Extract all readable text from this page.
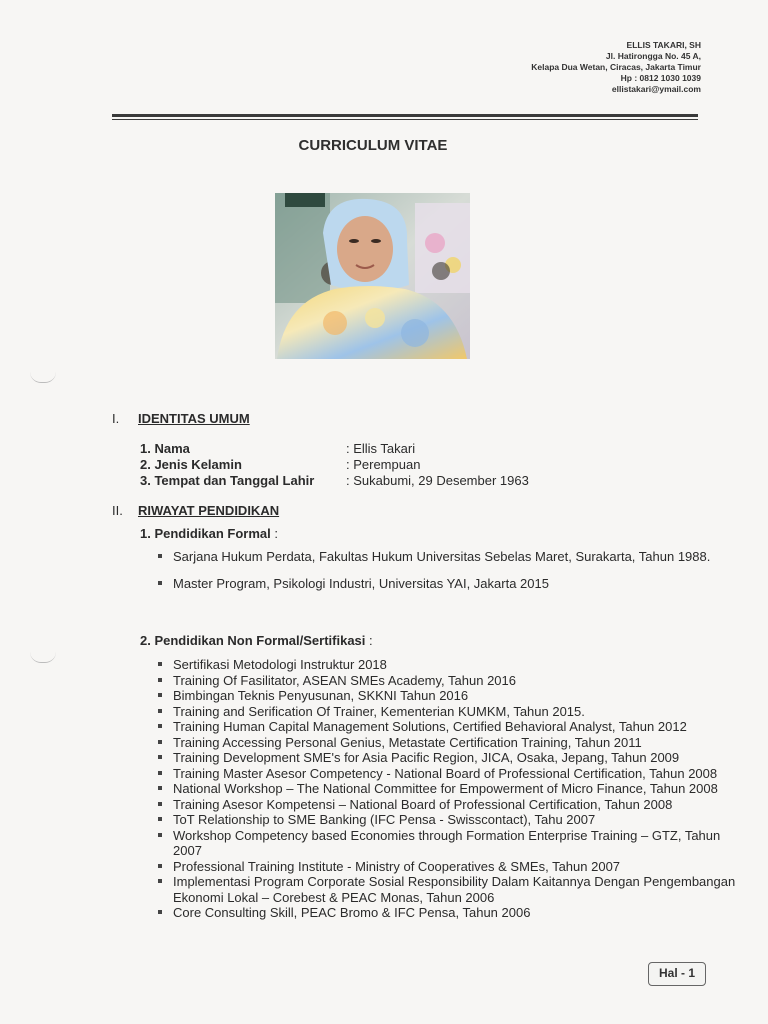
ELLIS TAKARI, SH
Jl. Hatirongga No. 45 A,
Kelapa Dua Wetan, Ciracas, Jakarta Timur
Hp : 0812 1030 1039
ellistakari@ymail.com
CURRICULUM VITAE
I. IDENTITAS UMUM
1. Nama	: Ellis Takari
2. Jenis Kelamin	: Perempuan
3. Tempat dan Tanggal Lahir : Sukabumi, 29 Desember 1963
II. RIWAYAT PENDIDIKAN
1. Pendidikan Formal :
Sarjana Hukum Perdata, Fakultas Hukum Universitas Sebelas Maret, Surakarta, Tahun 1988.
Master Program, Psikologi Industri, Universitas YAI, Jakarta 2015
2. Pendidikan Non Formal/Sertifikasi :
Sertifikasi Metodologi Instruktur 2018
Training Of Fasilitator, ASEAN SMEs Academy, Tahun 2016
Bimbingan Teknis Penyusunan, SKKNI Tahun 2016
Training and Serification Of Trainer, Kementerian KUMKM, Tahun 2015.
Training Human Capital Management Solutions, Certified Behavioral Analyst, Tahun 2012
Training Accessing Personal Genius, Metastate Certification Training, Tahun 2011
Training Development SME's for Asia Pacific Region, JICA, Osaka, Jepang, Tahun 2009
Training Master Asesor Competency - National Board of Professional Certification, Tahun 2008
National Workshop – The National Committee for Empowerment of Micro Finance, Tahun 2008
Training Asesor Kompetensi – National Board of Professional Certification, Tahun 2008
ToT Relationship to SME Banking (IFC Pensa - Swisscontact), Tahu 2007
Workshop Competency based Economies through Formation Enterprise Training – GTZ, Tahun 2007
Professional Training Institute - Ministry of Cooperatives & SMEs, Tahun 2007
Implementasi Program Corporate Sosial Responsibility Dalam Kaitannya Dengan Pengembangan Ekonomi Lokal – Corebest & PEAC Monas, Tahun 2006
Core Consulting Skill, PEAC Bromo & IFC Pensa, Tahun 2006
Hal - 1
